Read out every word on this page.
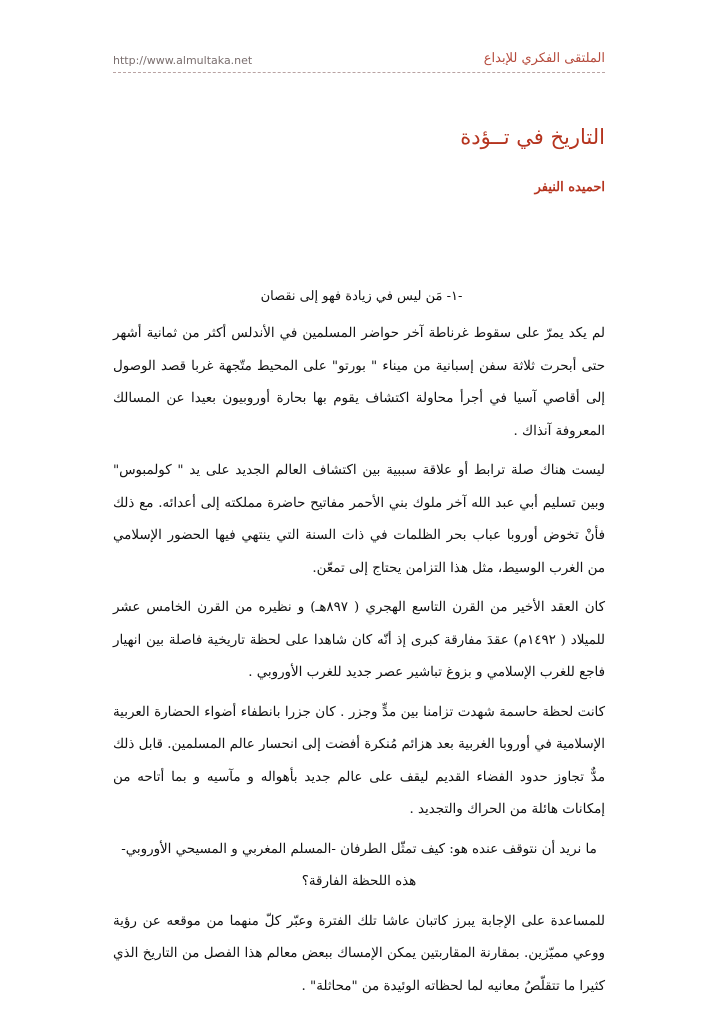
http://www.almultaka.net	الملتقى الفكري للإبداع
التاريخ في تــؤدة
احميده النيفر
-١- مَن ليس في زيادة فهو إلى نقصان

لم يكد يمرّ على سقوط غرناطة آخر حواضر المسلمين في الأندلس أكثر من ثمانية أشهر حتى أبحرت ثلاثة سفن إسبانية من ميناء " بورتو" على المحيط متّجهة غربا قصد الوصول إلى أقاصي آسيا في أجرأ محاولة اكتشاف يقوم بها بحارة أوروبيون بعيدا عن المسالك المعروفة آنذاك .

ليست هناك صلة ترابط أو علاقة سببية بين اكتشاف العالم الجديد على يد " كولمبوس" وبين تسليم أبي عبد الله آخر ملوك بني الأحمر مفاتيح حاضرة مملكته إلى أعدائه. مع ذلك فأنْ تخوض أوروبا عباب بحر الظلمات في ذات السنة التي ينتهي فيها الحضور الإسلامي من الغرب الوسيط، مثل هذا التزامن يحتاج إلى تمعّن.

كان العقد الأخير من القرن التاسع الهجري ( ٨٩٧هـ) و نظيره من القرن الخامس عشر للميلاد ( ١٤٩٢م) عقدَ مفارقة كبرى إذ أنّه كان شاهدا على لحظة تاريخية فاصلة بين انهيار فاجع للغرب الإسلامي و بزوغ تباشير عصر جديد للغرب الأوروبي .

كانت لحظة حاسمة شهدت تزامنا بين مدٍّ وجزر . كان جزرا بانطفاء أضواء الحضارة العربية الإسلامية في أوروبا الغربية بعد هزائم مُنكرة أفضت إلى انحسار عالم المسلمين. قابل ذلك مدٌّ تجاوز حدود الفضاء القديم ليقف على عالم جديد بأهواله و مآسيه و بما أتاحه من إمكانات هائلة من الحراك والتجديد .

ما نريد أن نتوقف عنده هو: كيف تمثّل الطرفان -المسلم المغربي و المسيحي الأوروبي- هذه اللحظة الفارقة؟

للمساعدة على الإجابة يبرز كاتبان عاشا تلك الفترة وعبّر كلّ منهما من موقعه عن رؤية ووعي مميّزين. بمقارنة المقاربتين يمكن الإمساك ببعض معالم هذا الفصل من التاريخ الذي كثيرا ما تتقلّصُ معانيه لما لحظاته الوئيدة من "محاثلة" .
